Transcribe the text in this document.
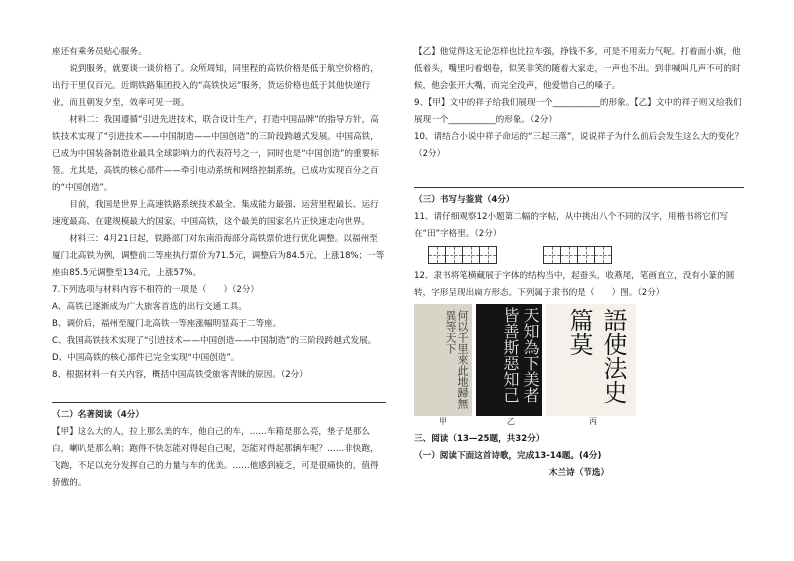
座还有乘务员贴心服务。

说到服务，就要谈一谈价格了。众所周知，同里程的高铁价格是低于航空价格的，出行干里仅百元。近期铁路集团投入的“高铁快运”服务，货运价格也低于其他快递行业，而且朝发夕至，效率可见一斑。

材料二：我国遵循“引进先进技术，联合设计生产，打造中国品牌”的指导方针，高铁技术实现了“引进技术——中国制造——中国创造”的三阶段跨越式发展。中国高铁，已成为中国装备制造业最具全球影响力的代表符号之一，同时也是“中国创造”的重要标签。尤其是，高铁的核心部件——牵引电动系统和网络控制系统，已成功实现百分之百的“中国创造”。

目前，我国是世界上高速铁路系统技术最全、集成能力最强、运营里程最长、运行速度最高、在建规模最大的国家。中国高铁，这个最美的国家名片正快速走向世界。

材料三：4月21日起，铁路部门对东南沿海部分高铁票价进行优化调整。以福州至厦门北高铁为例，调整前二等座执行票价为71.5元，调整后为84.5元，上涨18%；一等座由85.5元调整至134元，上涨57%。

7.下列选项与材料内容不相符的一项是（　　）（2分）

A、高铁已逐渐成为广大旅客首选的出行交通工具。

B、调价后，福州至厦门北高铁一等座涨幅明显高于二等座。

C、我国高铁技术实现了“引进技术——中国创造——中国制造”的三阶段跨越式发展。

D、中国高铁的核心部件已完全实现“中国创造”。

8、根据材料一有关内容，概括中国高铁受旅客青睐的原因。（2分）

（二）名著阅读（4分）

【甲】这么大的人，拉上那么美的车，他自己的车，……车箱是那么亮，垫子是那么白，喇叭是那么响；跑得不快怎能对得起自己呢，怎能对得起那辆车呢？……非快跑，飞跑，不足以充分发挥自己的力量与车的优美。……他感到疲乏，可是很痛快的，值得骄傲的。

【乙】他觉得这无论怎样也比拉车强，挣钱不多，可是不用卖力气呢。打着面小旗，他低着头，嘴里叼着烟卷，似笑非笑的随着大家走，一声也不出。到非喊叫几声不可的时候，他会张开大嘴，而完全没声，他爱惜自己的嗓子。

9、【甲】文中的祥子给我们展现一个___________的形象。【乙】文中的祥子则又给我们展现一个___________的形象。（2分）

10、请结合小说中祥子命运的“三起三落”，说说祥子为什么前后会发生这么大的变化？（2分）

（三）书写与鉴赏（4分）

11、请仔细观察12小题第二幅的字帖，从中挑出八个不同的汉字，用楷书将它们写在“田”字格里。（2分）

12、隶书将笔横藏展于字体的结构当中，起蚕头，收燕尾，笔画直立，没有小篆的圆转，字形呈现出扁方形态。下列属于隶书的是（　　）图。（2分）

何以千里來此地歸無異等天下	天知為下美者皆善斯惡知己	語使法史篇莫
甲	乙	丙

三、阅读（13—25题，共32分）

（一）阅读下面这首诗歌，完成13-14题。(4分)

木兰诗（节选）
